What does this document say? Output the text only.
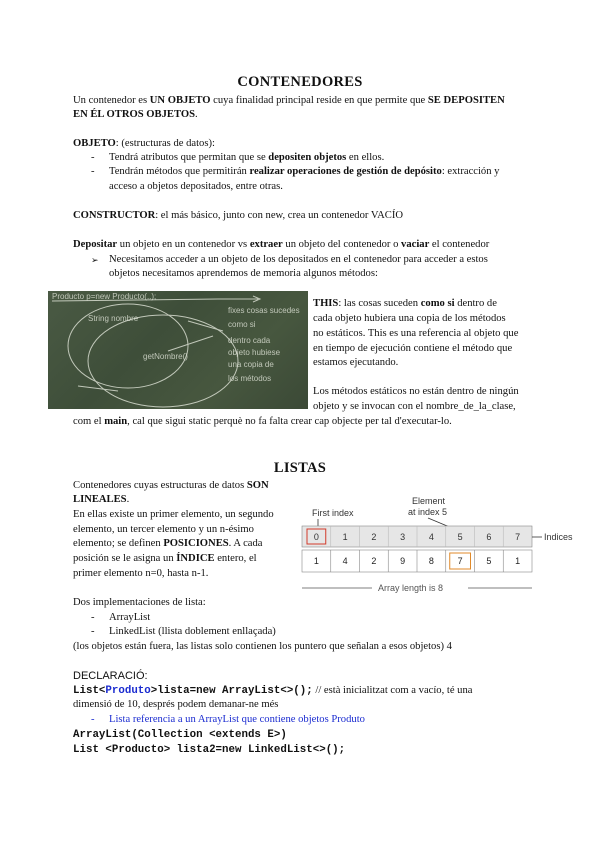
CONTENEDORES
Un contenedor es UN OBJETO cuya finalidad principal reside en que permite que SE DEPOSITEN
EN ÉL OTROS OBJETOS.
OBJETO: (estructuras de datos):
- Tendrá atributos que permitan que se depositen objetos en ellos.
- Tendrán métodos que permitirán realizar operaciones de gestión de depósito: extracción y
acceso a objetos depositados, entre otras.
CONSTRUCTOR: el más básico, junto con new, crea un contenedor VACÍO
Depositar un objeto en un contenedor vs extraer un objeto del contenedor o vaciar el contenedor
➢ Necesitamos acceder a un objeto de los depositados en el contenedor para acceder a estos
objetos necesitamos aprendemos de memoria algunos métodos:
Producto p=new Producto(..);
fixes cosas sucedes
como si
dentro cada
objeto hubiese
una copia de
los métodos
getNombre()
String nombre
THIS: las cosas suceden como si dentro de
cada objeto hubiera una copia de los métodos
no estáticos. This es una referencia al objeto que
en tiempo de ejecución contiene el método que
estamos ejecutando.
Los métodos estáticos no están dentro de ningún
objeto y se invocan con el nombre_de_la_clase,
com el main, cal que sigui static perquè no fa falta crear cap objecte per tal d'executar-lo.
LISTAS
Contenedores cuyas estructuras de datos SON
LINEALES.
En ellas existe un primer elemento, un segundo
elemento, un tercer elemento y un n-ésimo
elemento; se definen POSICIONES. A cada
posición se le asigna un ÍNDICE entero, el
primer elemento n=0, hasta n-1.
First index
Element
at index 5
0	1	2	3	4	5	6	7
1	4	2	9	8	7	5	1
Indices
Array length is 8
Dos implementaciones de lista:
- ArrayList
- LinkedList (llista doblement enllaçada)
(los objetos están fuera, las listas solo contienen los puntero que señalan a esos objetos) 4
DECLARACIÓ:
List<Produto>lista=new ArrayList<>(); // està inicialitzat com a vacío, té una
dimensió de 10, després podem demanar-ne més
- Lista referencia a un ArrayList que contiene objetos Produto
ArrayList(Collection <extends E>)
List <Producto> lista2=new LinkedList<>();
